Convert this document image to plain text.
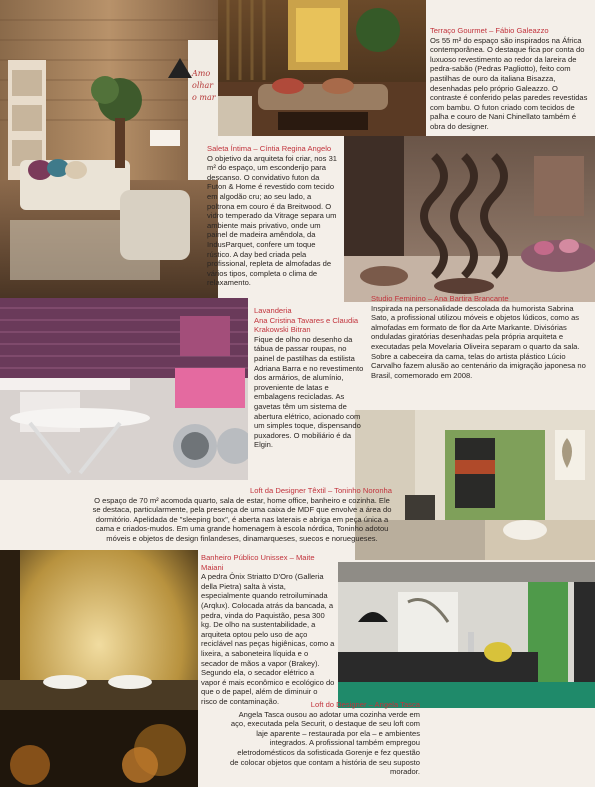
Amo olhar o mar
Terraço Gourmet – Fábio Galeazzo

Os 55 m² do espaço são inspirados na África contemporânea. O destaque fica por conta do luxuoso revestimento ao redor da lareira de pedra-sabão (Pedras Pagliotto), feito com pastilhas de ouro da italiana Bisazza, desenhadas pelo próprio Galeazzo. O contraste é conferido pelas paredes revestidas com bambu. O futon criado com tecidos de palha e couro de Nani Chinellato também é obra do designer.

Saleta Íntima – Cíntia Regina Angelo

O objetivo da arquiteta foi criar, nos 31 m² do espaço, um esconderijo para descanso. O convidativo futon da Futon & Home é revestido com tecido em algodão cru; ao seu lado, a poltrona em couro é da Breitwood. O vidro temperado da Vitrage separa um ambiente mais privativo, onde um painel de madeira amêndola, da IndusParquet, confere um toque rústico. A day bed criada pela profissional, repleta de almofadas de vários tipos, completa o clima de relaxamento.

Studio Feminino – Ana Bartira Brancante

Inspirada na personalidade descolada da humorista Sabrina Sato, a profissional utilizou móveis e objetos lúdicos, como as almofadas em formato de flor da Arte Markante. Divisórias onduladas giratórias desenhadas pela própria arquiteta e executadas pela Movelaria Oliveira separam o quarto da sala. Sobre a cabeceira da cama, telas do artista plástico Lúcio Carvalho fazem alusão ao centenário da imigração japonesa no Brasil, comemorado em 2008.

Lavanderia
Ana Cristina Tavares e Claudia Krakowski Bitran

Fique de olho no desenho da tábua de passar roupas, no painel de pastilhas da estilista Adriana Barra e no revestimento dos armários, de alumínio, proveniente de latas e embalagens recicladas. As gavetas têm um sistema de abertura elétrico, acionado com um simples toque, dispensando puxadores. O mobiliário é da Elgin.

Loft da Designer Têxtil – Toninho Noronha

O espaço de 70 m² acomoda quarto, sala de estar, home office, banheiro e cozinha. Ele se destaca, particularmente, pela presença de uma caixa de MDF que envolve a área do dormitório. Apelidada de "sleeping box", é aberta nas laterais e abriga em peça única a cama e criados-mudos. Em uma grande homenagem à escola nórdica, Toninho adotou móveis e objetos de design finlandeses, dinamarqueses, suecos e noruegueses.

Banheiro Público Unissex – Maite Maiani

A pedra Ônix Striatto D'Oro (Galleria della Pietra) salta à vista, especialmente quando retroiluminada (Arqlux). Colocada atrás da bancada, a pedra, vinda do Paquistão, pesa 300 kg. De olho na sustentabilidade, a arquiteta optou pelo uso de aço reciclável nas peças higiênicas, como a lixeira, a saboneteira líquida e o secador de mãos a vapor (Brakey). Segundo ela, o secador elétrico a vapor é mais econômico e ecológico do que o de papel, além de diminuir o risco de contaminação.	Loft do Designer – Angela Tasca

Angela Tasca ousou ao adotar uma cozinha verde em aço, executada pela Securit, o destaque de seu loft com laje aparente – restaurada por ela – e ambientes integrados. A profissional também empregou eletrodomésticos da sofisticada Gorenje e fez questão de colocar objetos que contam a história de seu suposto morador.
